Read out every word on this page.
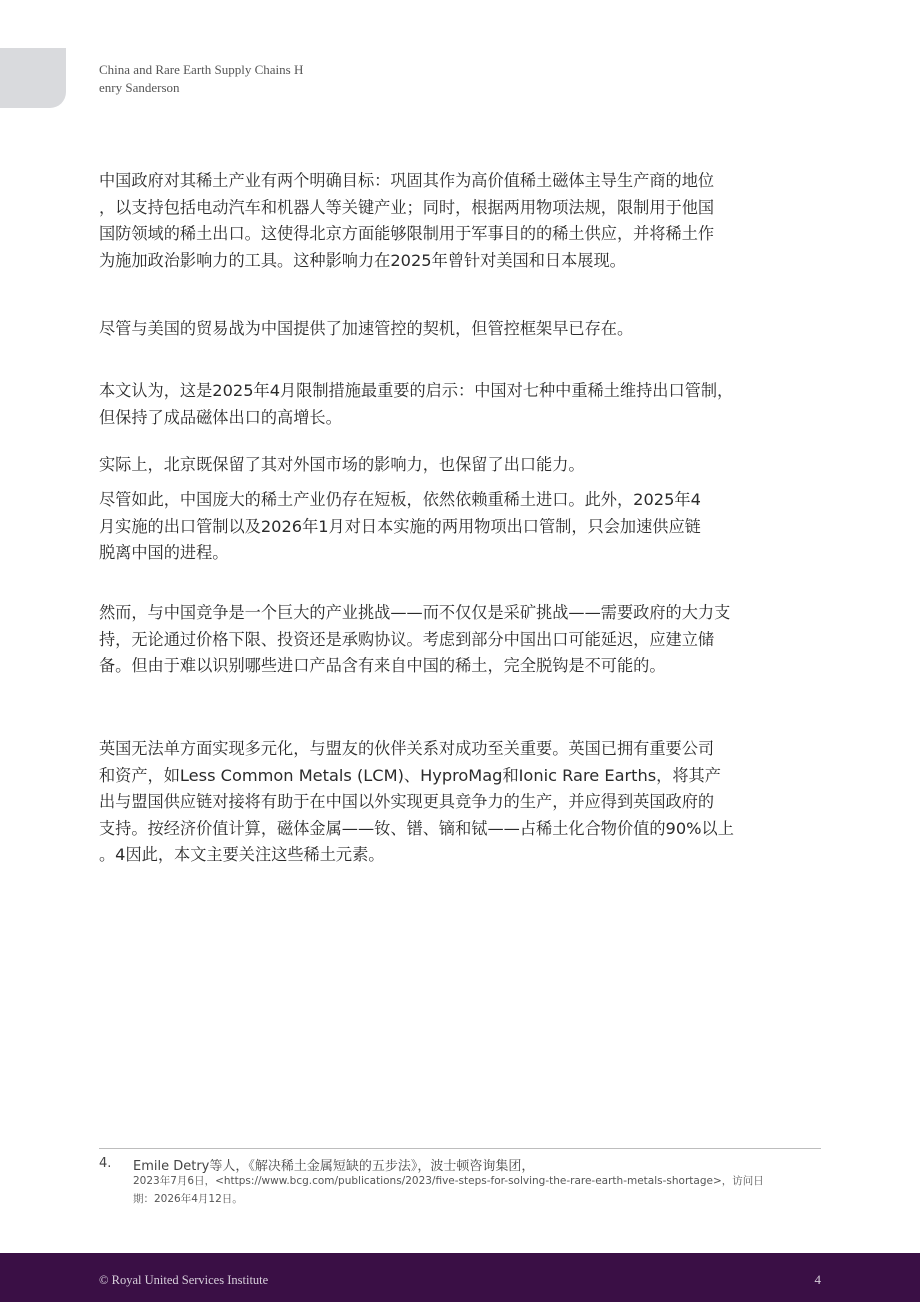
China and Rare Earth Supply Chains H
enry Sanderson
中国政府对其稀土产业有两个明确目标：巩固其作为高价值稀土磁体主导生产商的地位
，以支持包括电动汽车和机器人等关键产业；同时，根据两用物项法规，限制用于他国
国防领域的稀土出口。这使得北京方面能够限制用于军事目的的稀土供应，并将稀土作
为施加政治影响力的工具。这种影响力在2025年曾针对美国和日本展现。
尽管与美国的贸易战为中国提供了加速管控的契机，但管控框架早已存在。
本文认为，这是2025年4月限制措施最重要的启示：中国对七种中重稀土维持出口管制，
但保持了成品磁体出口的高增长。
实际上，北京既保留了其对外国市场的影响力，也保留了出口能力。
尽管如此，中国庞大的稀土产业仍存在短板，依然依赖重稀土进口。此外，2025年4
月实施的出口管制以及2026年1月对日本实施的两用物项出口管制，只会加速供应链
脱离中国的进程。
然而，与中国竞争是一个巨大的产业挑战——而不仅仅是采矿挑战——需要政府的大力支
持，无论通过价格下限、投资还是承购协议。考虑到部分中国出口可能延迟，应建立储
备。但由于难以识别哪些进口产品含有来自中国的稀土，完全脱钩是不可能的。
英国无法单方面实现多元化，与盟友的伙伴关系对成功至关重要。英国已拥有重要公司
和资产，如Less Common Metals (LCM)、HyproMag和Ionic Rare Earths，将其产
出与盟国供应链对接将有助于在中国以外实现更具竞争力的生产，并应得到英国政府的
支持。按经济价值计算，磁体金属——钕、镨、镝和铽——占稀土化合物价值的90%以上
。4因此，本文主要关注这些稀土元素。
4. Emile Detry等人，《解决稀土金属短缺的五步法》，波士顿咨询集团，
2023年7月6日，<https://www.bcg.com/publications/2023/five-steps-for-solving-the-rare-earth-metals-shortage>，访问日
期：2026年4月12日。
© Royal United Services Institute	4
